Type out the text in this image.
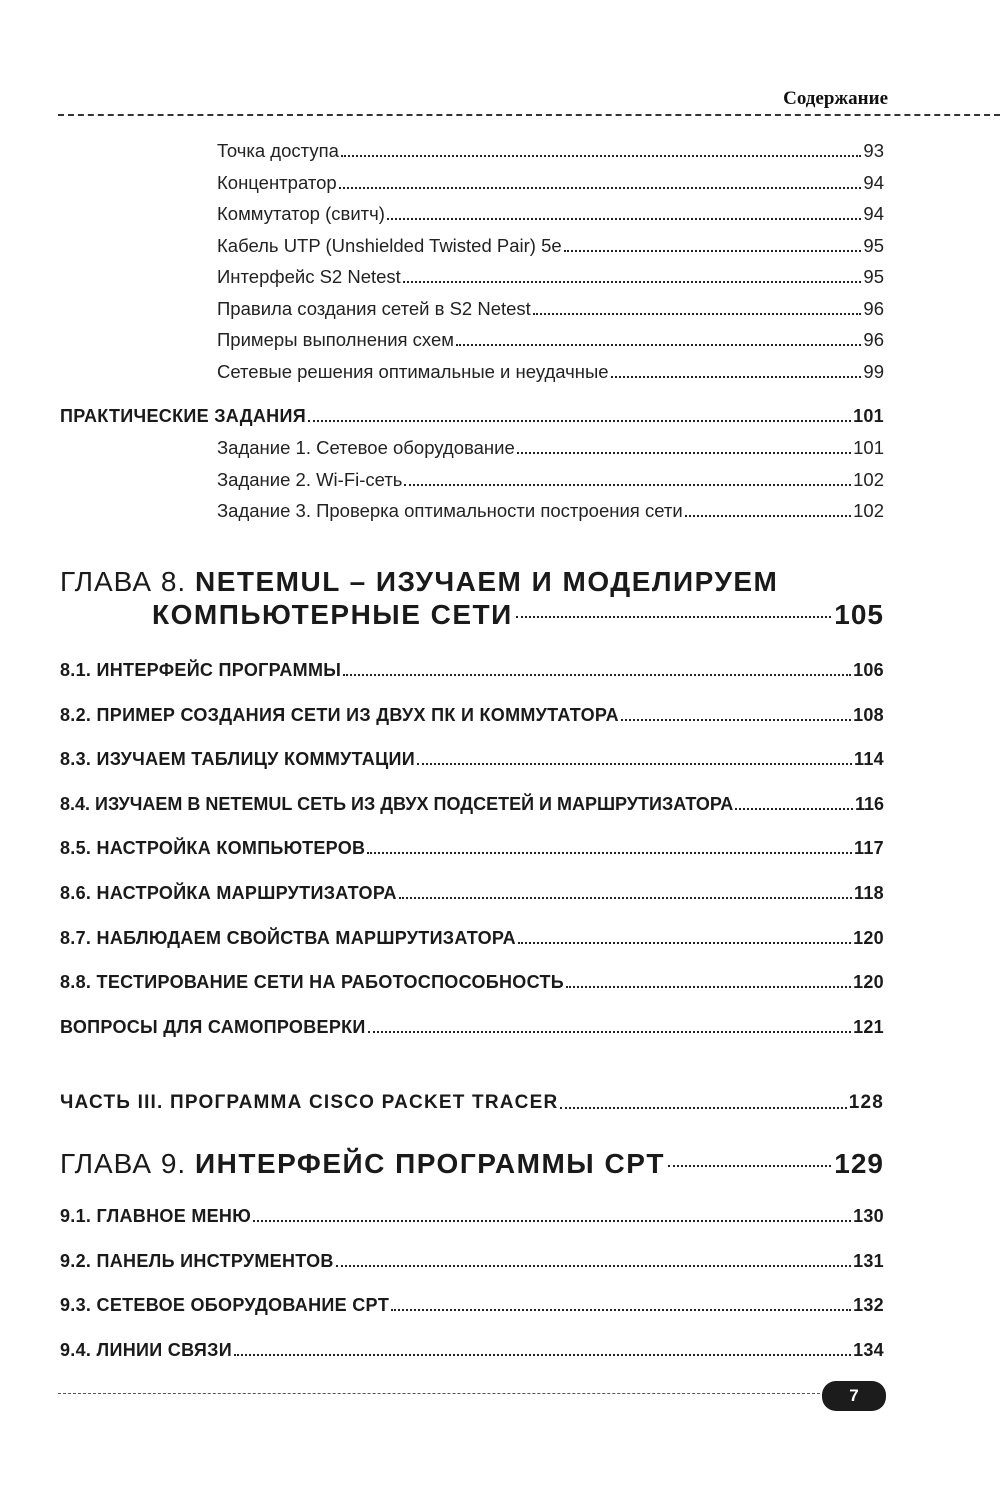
Содержание
Точка доступа	93
Концентратор	94
Коммутатор (свитч)	94
Кабель UTP (Unshielded Twisted Pair) 5e	95
Интерфейс S2 Netest	95
Правила создания сетей в S2 Netest	96
Примеры выполнения схем	96
Сетевые решения оптимальные и неудачные	99
ПРАКТИЧЕСКИЕ ЗАДАНИЯ	101
Задание 1. Сетевое оборудование	101
Задание 2. Wi-Fi-сеть	102
Задание 3. Проверка оптимальности построения сети	102
ГЛАВА 8. NETEMUL – ИЗУЧАЕМ И МОДЕЛИРУЕМ
КОМПЬЮТЕРНЫЕ СЕТИ	105
8.1. ИНТЕРФЕЙС ПРОГРАММЫ	106
8.2. ПРИМЕР СОЗДАНИЯ СЕТИ ИЗ ДВУХ ПК И КОММУТАТОРА	108
8.3. ИЗУЧАЕМ ТАБЛИЦУ КОММУТАЦИИ	114
8.4. ИЗУЧАЕМ В NETEMUL СЕТЬ ИЗ ДВУХ ПОДСЕТЕЙ И МАРШРУТИЗАТОРА	116
8.5. НАСТРОЙКА КОМПЬЮТЕРОВ	117
8.6. НАСТРОЙКА МАРШРУТИЗАТОРА	118
8.7. НАБЛЮДАЕМ СВОЙСТВА МАРШРУТИЗАТОРА	120
8.8. ТЕСТИРОВАНИЕ СЕТИ НА РАБОТОСПОСОБНОСТЬ	120
ВОПРОСЫ ДЛЯ САМОПРОВЕРКИ	121
ЧАСТЬ III. ПРОГРАММА CISCO PACKET TRACER	128
ГЛАВА 9.
ИНТЕРФЕЙС ПРОГРАММЫ CPT	129
9.1. ГЛАВНОЕ МЕНЮ	130
9.2. ПАНЕЛЬ ИНСТРУМЕНТОВ	131
9.3. СЕТЕВОЕ ОБОРУДОВАНИЕ CPT	132
9.4. ЛИНИИ СВЯЗИ	134
7
